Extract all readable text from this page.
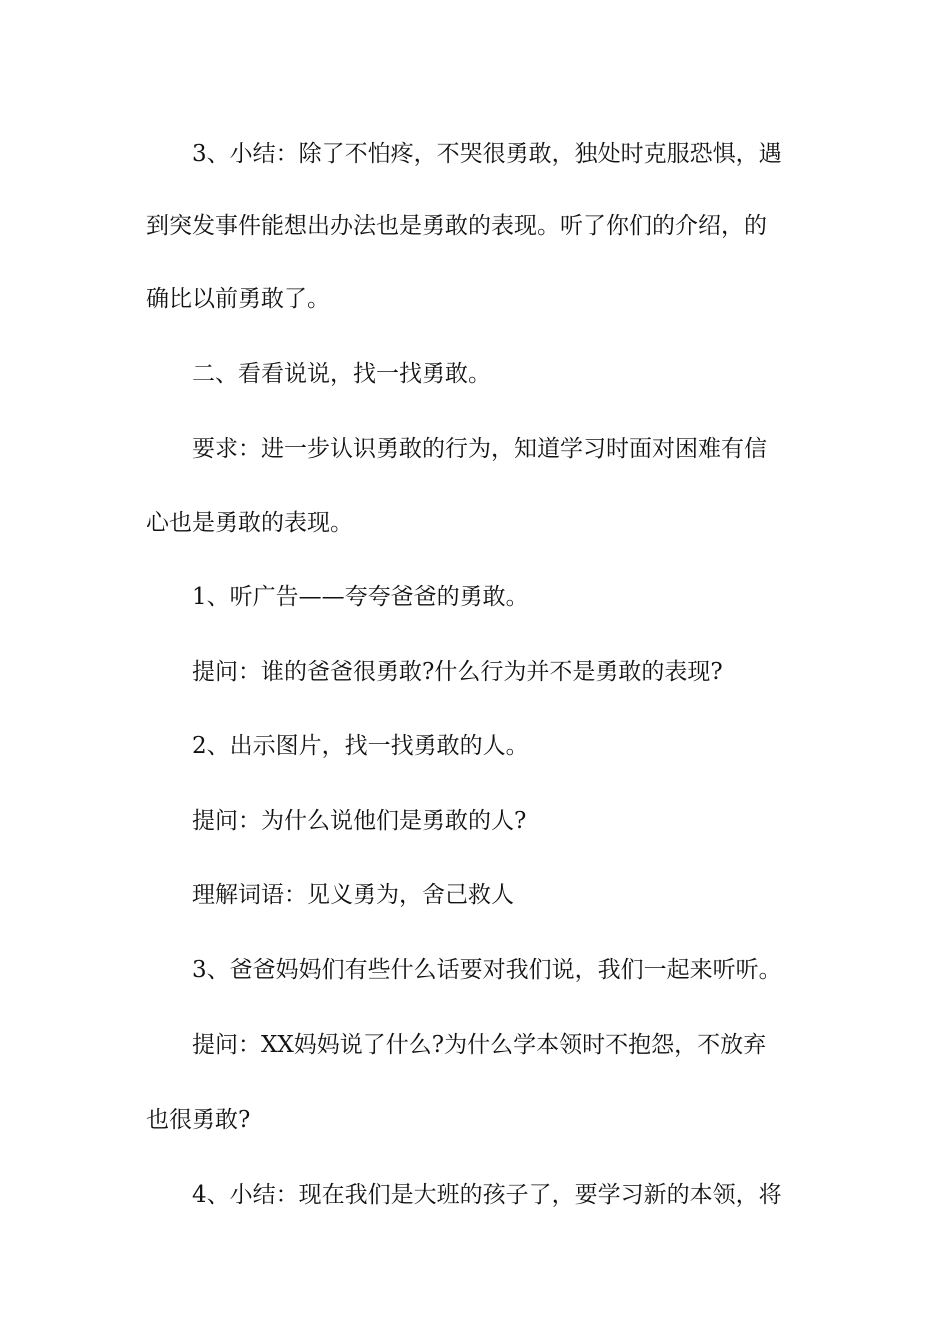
3、小结：除了不怕疼，不哭很勇敢，独处时克服恐惧，遇
到突发事件能想出办法也是勇敢的表现。听了你们的介绍，的
确比以前勇敢了。
二、看看说说，找一找勇敢。
要求：进一步认识勇敢的行为，知道学习时面对困难有信
心也是勇敢的表现。
1、听广告——夸夸爸爸的勇敢。
提问：谁的爸爸很勇敢?什么行为并不是勇敢的表现?
2、出示图片，找一找勇敢的人。
提问：为什么说他们是勇敢的人?
理解词语：见义勇为，舍己救人
3、爸爸妈妈们有些什么话要对我们说，我们一起来听听。
提问：XX妈妈说了什么?为什么学本领时不抱怨，不放弃
也很勇敢?
4、小结：现在我们是大班的孩子了，要学习新的本领，将
